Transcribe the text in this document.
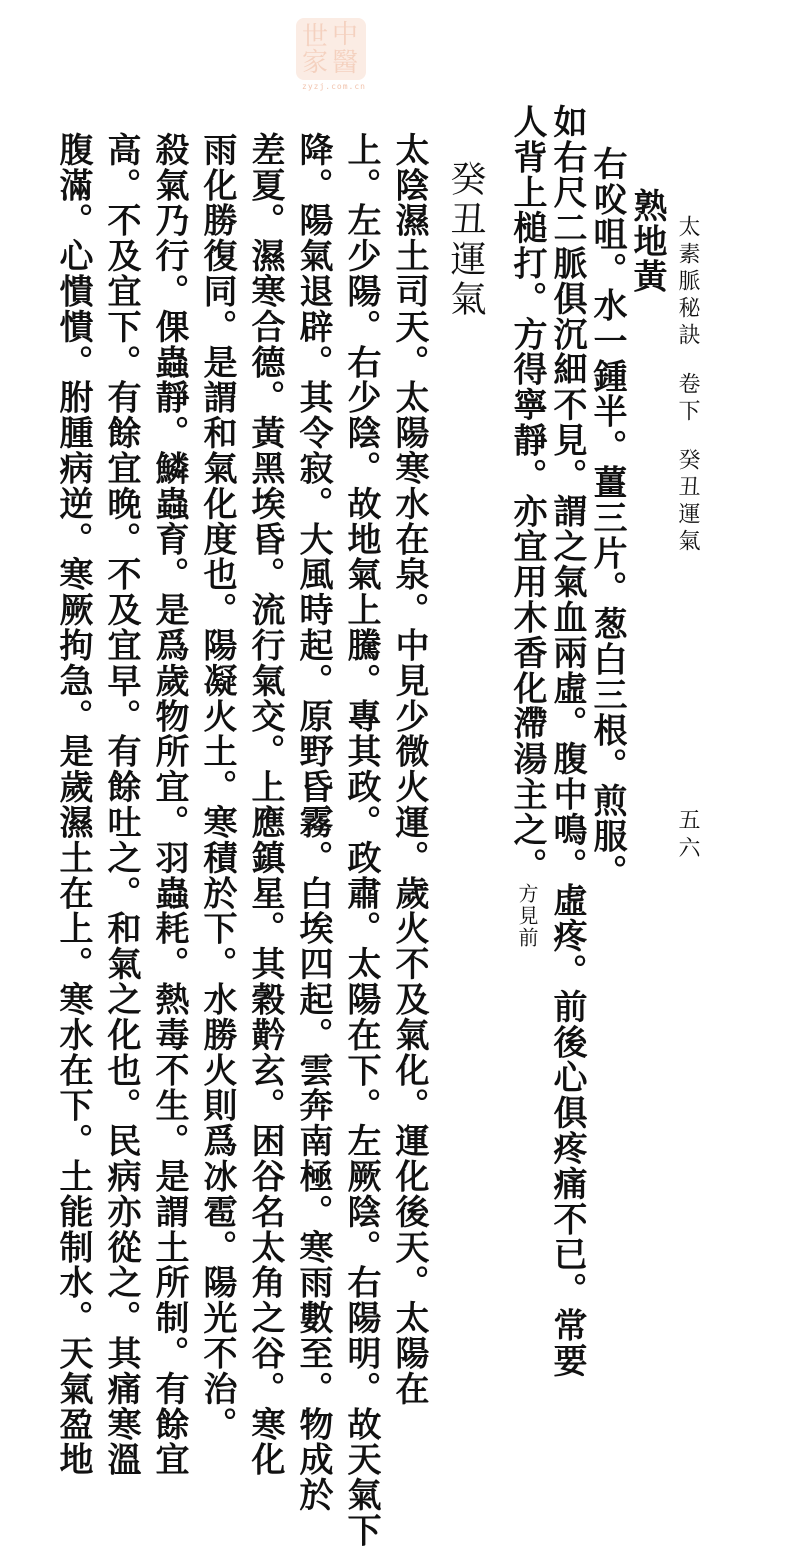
世 中
家 醫
zyzj.com.cn
太素脈秘訣卷下癸丑運氣
五六
熟地黃
右㕮咀。水一鍾半。薑三片。葱白三根。煎服。
如右尺二脈俱沉細不見。謂之氣血兩虛。腹中鳴。虛疼。前後心俱疼痛不已。常要
人背上槌打。方得寧靜。亦宜用木香化滯湯主之。方見前
癸丑運氣
太陰濕土司天。太陽寒水在泉。中見少微火運。歲火不及氣化。運化後天。太陽在
上。左少陽。右少陰。故地氣上騰。專其政。政肅。太陽在下。左厥陰。右陽明。故天氣下
降。陽氣退辟。其令寂。大風時起。原野昏霧。白埃四起。雲奔南極。寒雨數至。物成於
差夏。濕寒合德。黃黑埃昏。流行氣交。上應鎮星。其穀黅玄。困谷名太角之谷。寒化
雨化勝復同。是謂和氣化度也。陽凝火土。寒積於下。水勝火則爲冰雹。陽光不治。
殺氣乃行。倮蟲靜。鱗蟲育。是爲歲物所宜。羽蟲耗。熱毒不生。是謂土所制。有餘宜
高。不及宜下。有餘宜晚。不及宜早。有餘吐之。和氣之化也。民病亦從之。其痛寒溫
腹滿。心憒憒。胕腫病逆。寒厥拘急。是歲濕土在上。寒水在下。土能制水。天氣盈地
